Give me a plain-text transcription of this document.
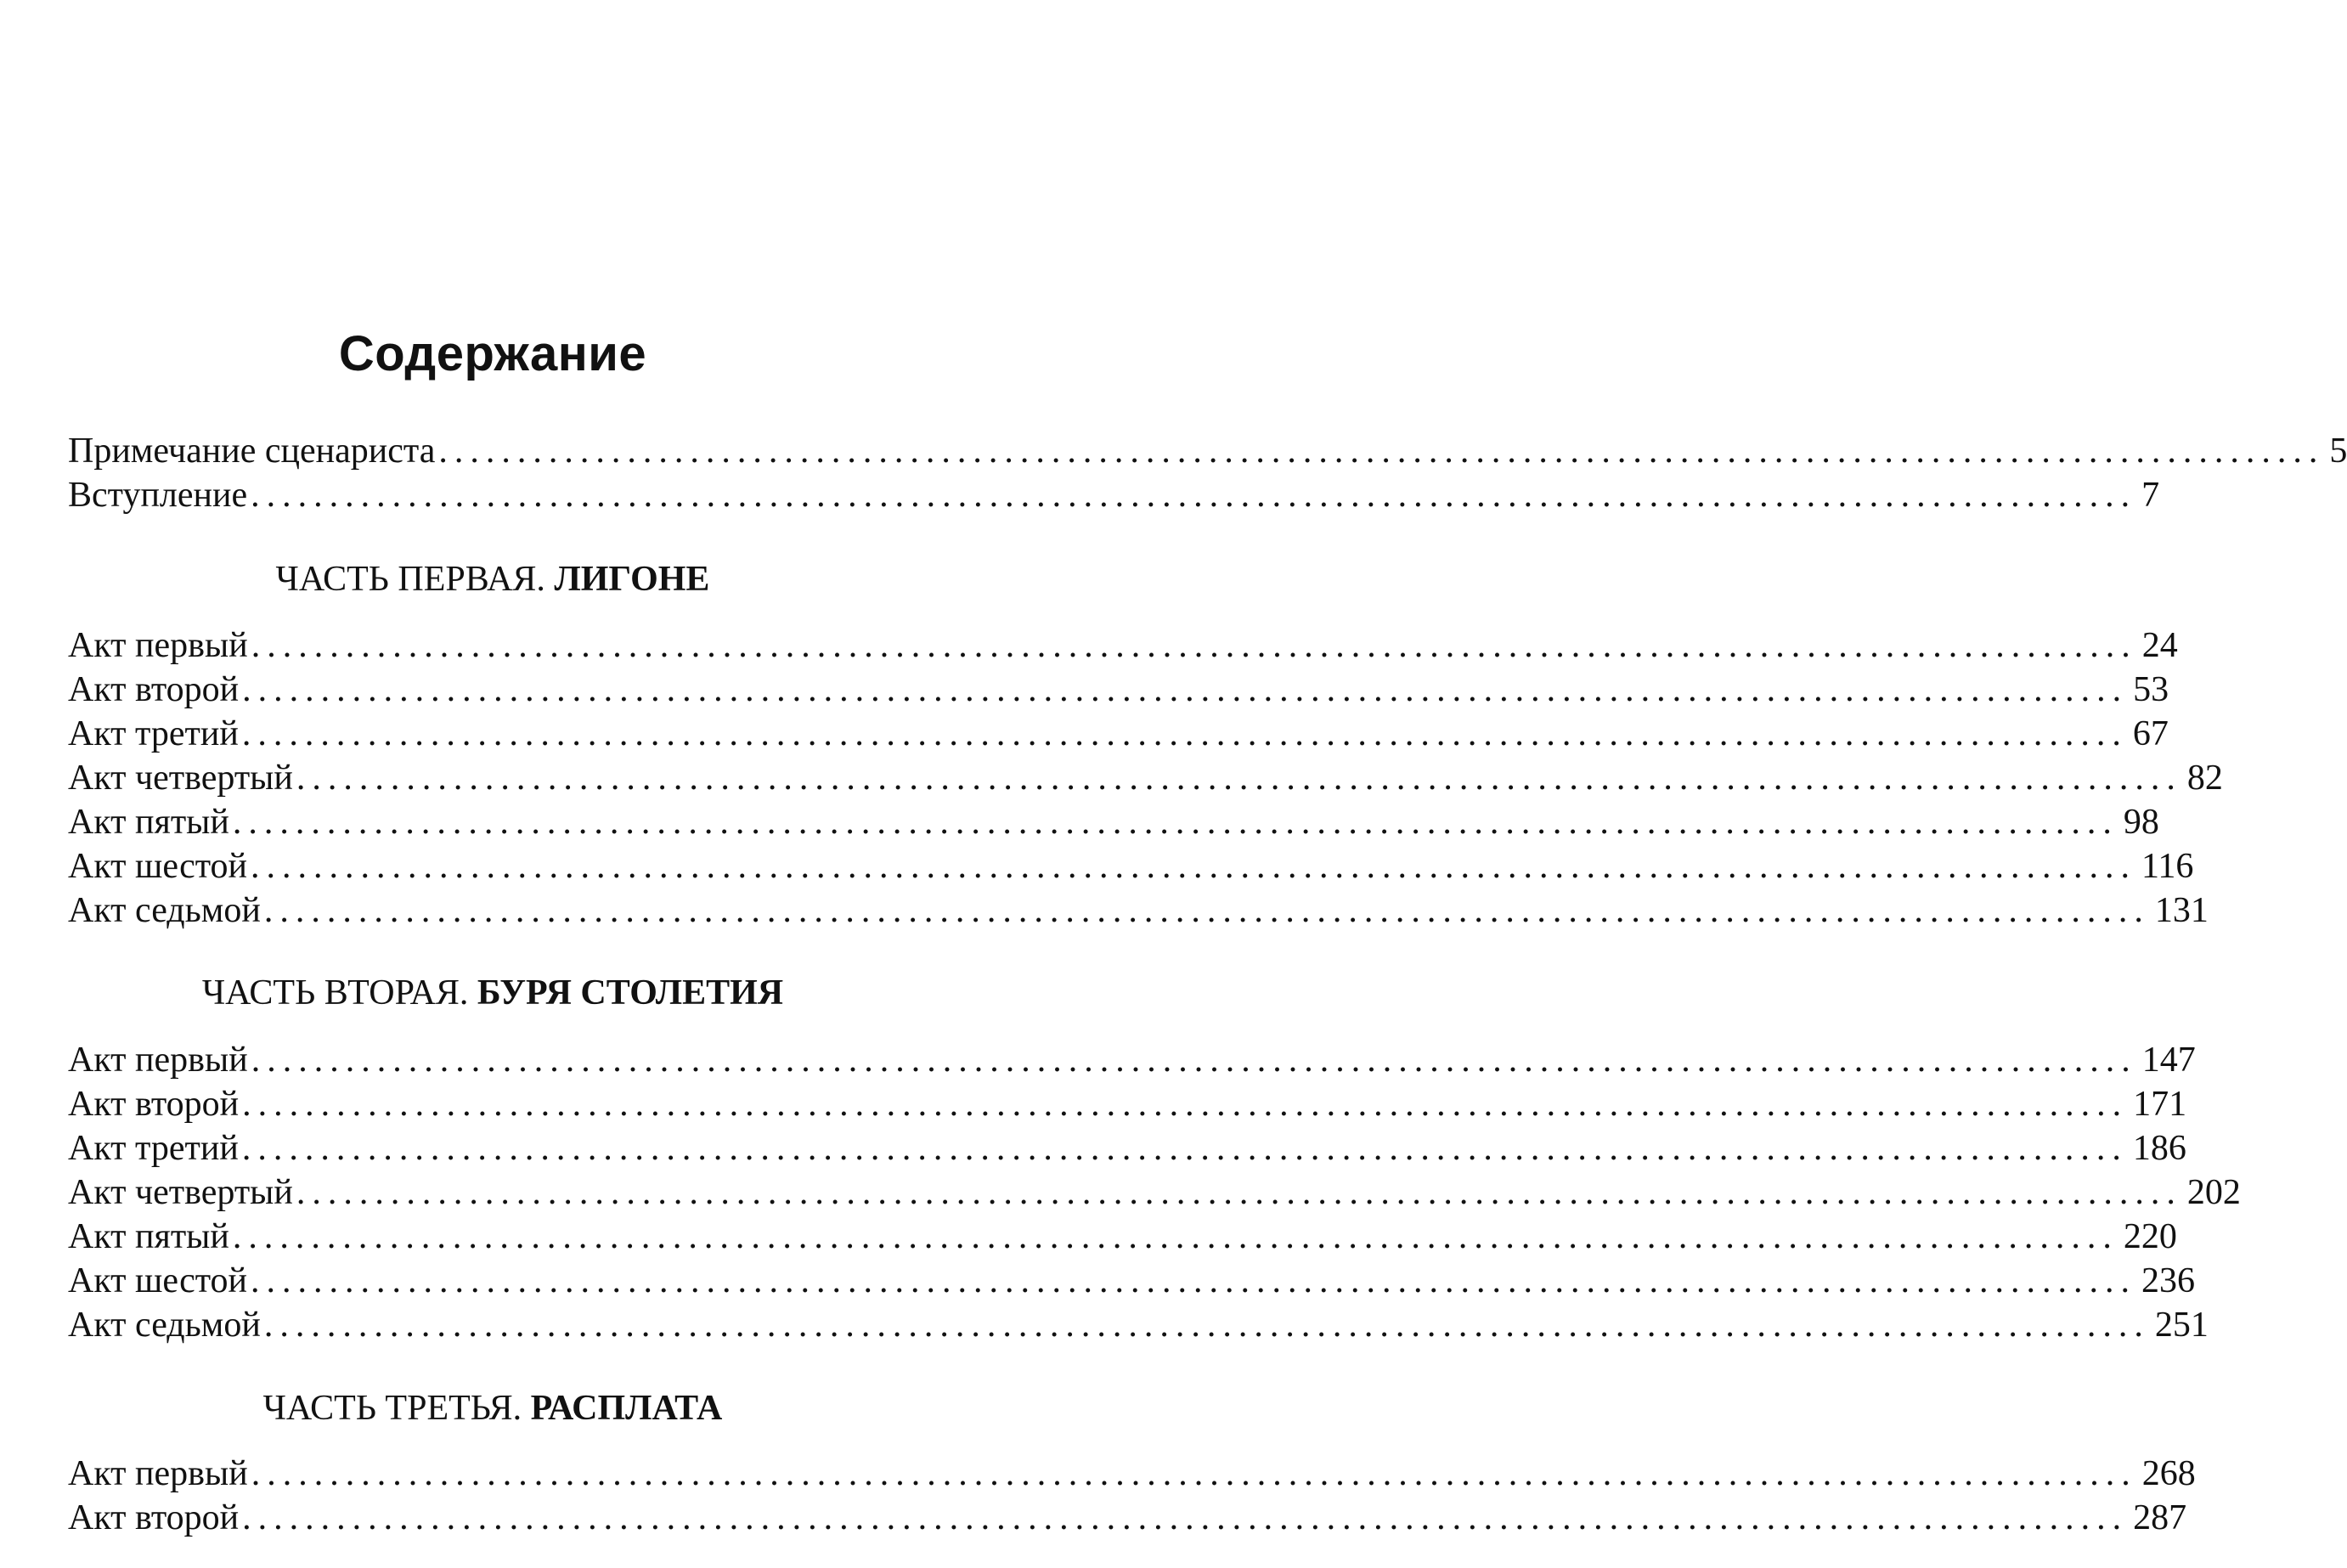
Содержание
Примечание сценариста ........................................................................................................................ 5
Вступление ........................................................................................................................ 7
ЧАСТЬ ПЕРВАЯ. ЛИГОНЕ
Акт первый ........................................................................................................................ 24
Акт второй ........................................................................................................................ 53
Акт третий ........................................................................................................................ 67
Акт четвертый ........................................................................................................................ 82
Акт пятый ........................................................................................................................ 98
Акт шестой ........................................................................................................................ 116
Акт седьмой ........................................................................................................................ 131
ЧАСТЬ ВТОРАЯ. БУРЯ СТОЛЕТИЯ
Акт первый ........................................................................................................................ 147
Акт второй ........................................................................................................................ 171
Акт третий ........................................................................................................................ 186
Акт четвертый ........................................................................................................................ 202
Акт пятый ........................................................................................................................ 220
Акт шестой ........................................................................................................................ 236
Акт седьмой ........................................................................................................................ 251
ЧАСТЬ ТРЕТЬЯ. РАСПЛАТА
Акт первый ........................................................................................................................ 268
Акт второй ........................................................................................................................ 287
